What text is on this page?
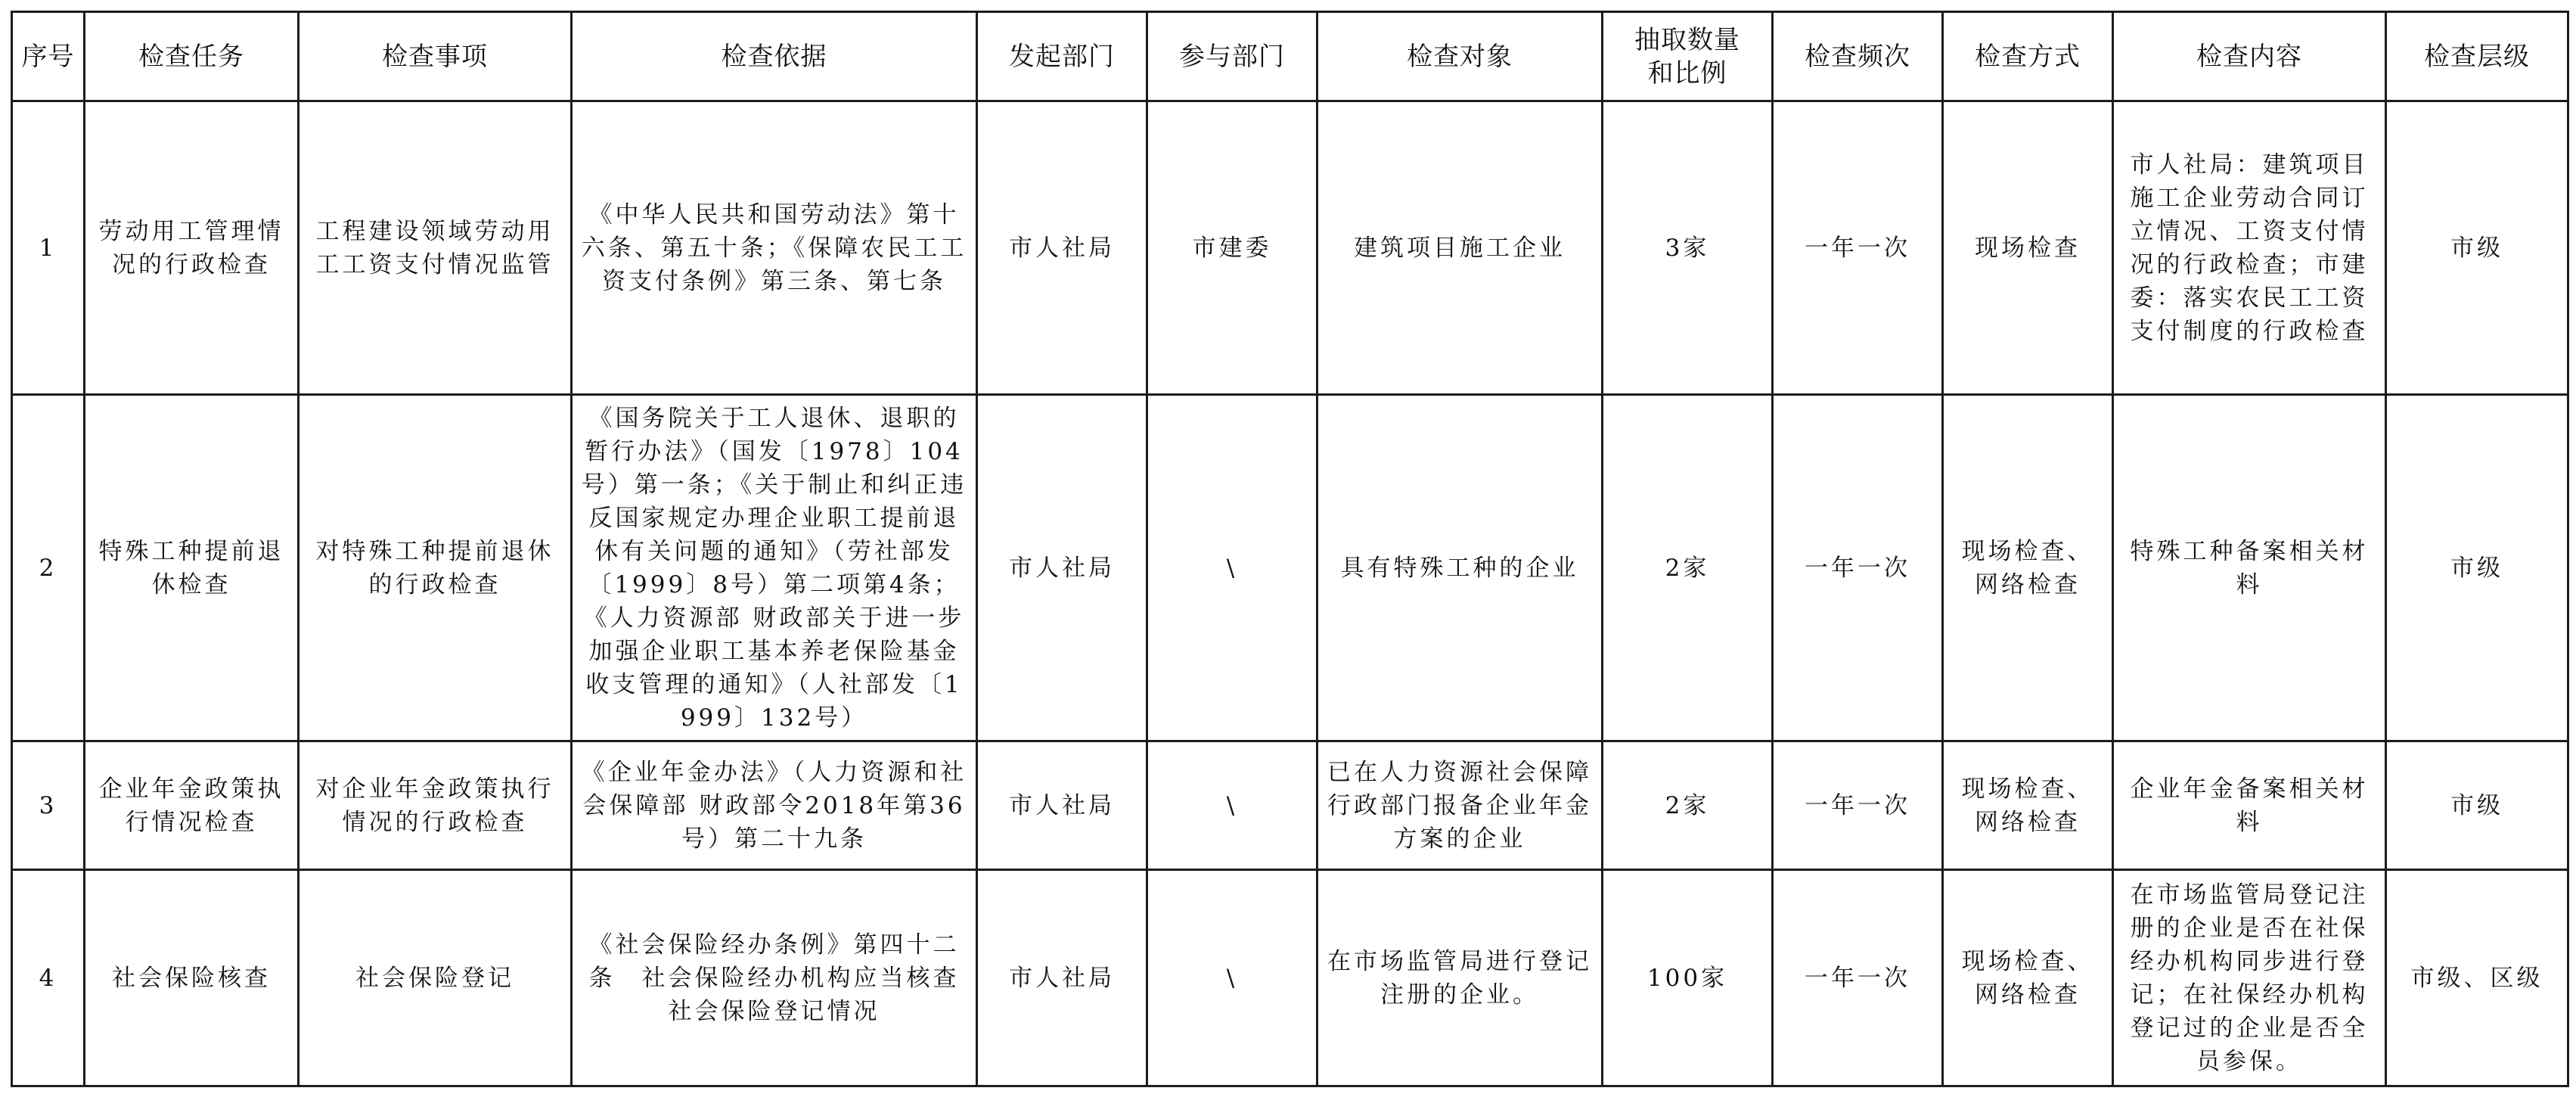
序号	检查任务	检查事项	检查依据	发起部门	参与部门	检查对象	抽取数量和比例	检查频次	检查方式	检查内容	检查层级
1	劳动用工管理情况的行政检查	工程建设领域劳动用工工资支付情况监管	《中华人民共和国劳动法》第十六条、第五十条；《保障农民工工资支付条例》第三条、第七条	市人社局	市建委	建筑项目施工企业	3家	一年一次	现场检查	市人社局：建筑项目施工企业劳动合同订立情况、工资支付情况的行政检查；市建委：落实农民工工资支付制度的行政检查	市级
2	特殊工种提前退休检查	对特殊工种提前退休的行政检查	《国务院关于工人退休、退职的暂行办法》（国发〔1978〕104号）第一条；《关于制止和纠正违反国家规定办理企业职工提前退休有关问题的通知》（劳社部发〔1999〕8号）第二项第4条；《人力资源部 财政部关于进一步加强企业职工基本养老保险基金收支管理的通知》（人社部发〔1999〕132号）	市人社局	\	具有特殊工种的企业	2家	一年一次	现场检查、网络检查	特殊工种备案相关材料	市级
3	企业年金政策执行情况检查	对企业年金政策执行情况的行政检查	《企业年金办法》（人力资源和社会保障部 财政部令2018年第36号）第二十九条	市人社局	\	已在人力资源社会保障行政部门报备企业年金方案的企业	2家	一年一次	现场检查、网络检查	企业年金备案相关材料	市级
4	社会保险核查	社会保险登记	《社会保险经办条例》第四十二条　社会保险经办机构应当核查社会保险登记情况	市人社局	\	在市场监管局进行登记注册的企业。	100家	一年一次	现场检查、网络检查	在市场监管局登记注册的企业是否在社保经办机构同步进行登记；在社保经办机构登记过的企业是否全员参保。	市级、区级
